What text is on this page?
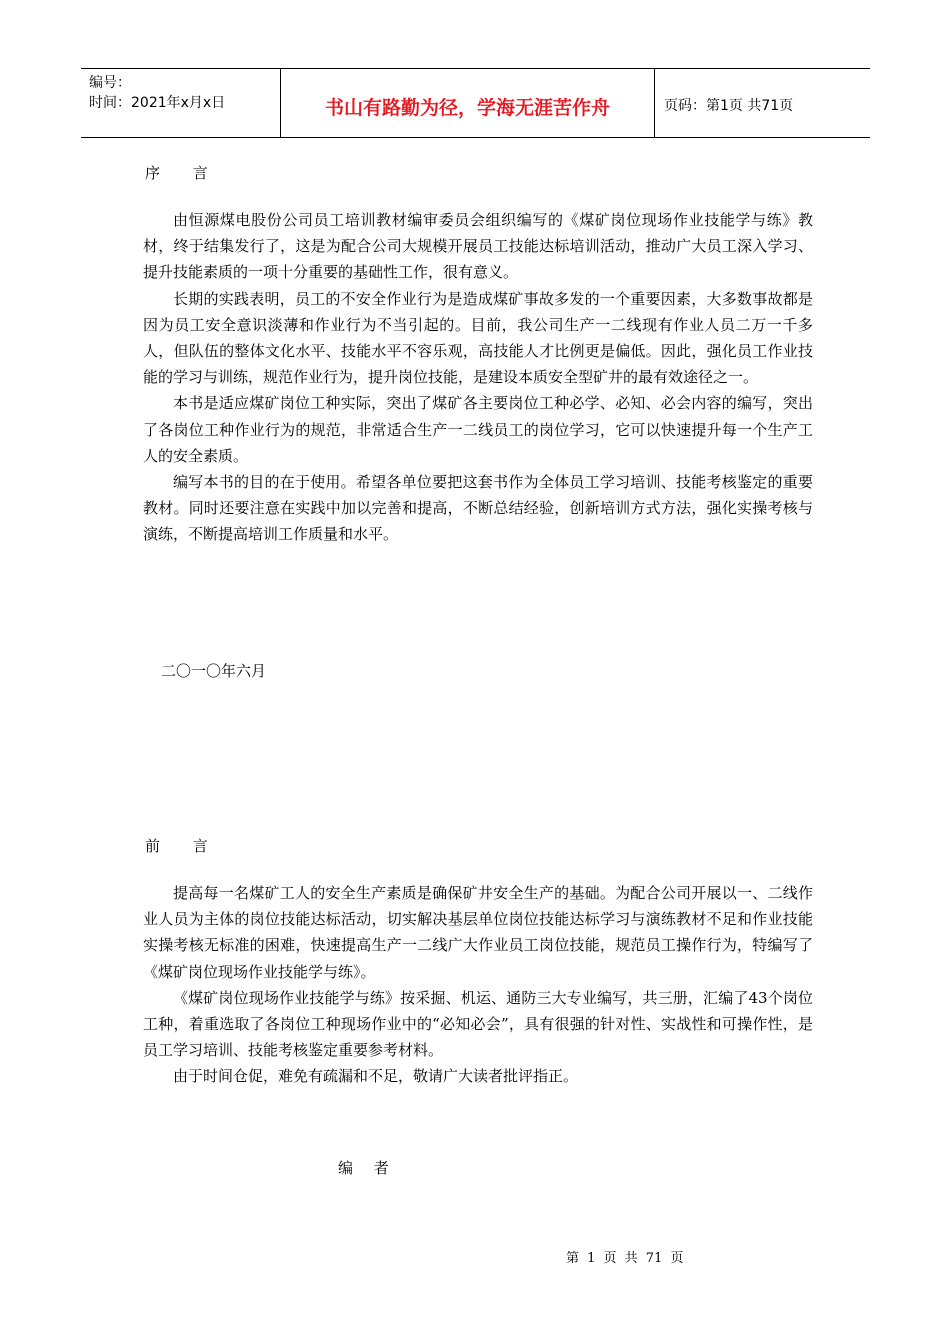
编号：
时间：2021年x月x日	书山有路勤为径，学海无涯苦作舟	页码：第1页 共71页
序 言

由恒源煤电股份公司员工培训教材编审委员会组织编写的《煤矿岗位现场作业技能学与练》教材，终于结集发行了，这是为配合公司大规模开展员工技能达标培训活动，推动广大员工深入学习、提升技能素质的一项十分重要的基础性工作，很有意义。

长期的实践表明，员工的不安全作业行为是造成煤矿事故多发的一个重要因素，大多数事故都是因为员工安全意识淡薄和作业行为不当引起的。目前，我公司生产一二线现有作业人员二万一千多人，但队伍的整体文化水平、技能水平不容乐观，高技能人才比例更是偏低。因此，强化员工作业技能的学习与训练，规范作业行为，提升岗位技能，是建设本质安全型矿井的最有效途径之一。

本书是适应煤矿岗位工种实际，突出了煤矿各主要岗位工种必学、必知、必会内容的编写，突出了各岗位工种作业行为的规范，非常适合生产一二线员工的岗位学习，它可以快速提升每一个生产工人的安全素质。

编写本书的目的在于使用。希望各单位要把这套书作为全体员工学习培训、技能考核鉴定的重要教材。同时还要注意在实践中加以完善和提高，不断总结经验，创新培训方式方法，强化实操考核与演练，不断提高培训工作质量和水平。

二〇一〇年六月
前 言

提高每一名煤矿工人的安全生产素质是确保矿井安全生产的基础。为配合公司开展以一、二线作业人员为主体的岗位技能达标活动，切实解决基层单位岗位技能达标学习与演练教材不足和作业技能实操考核无标准的困难，快速提高生产一二线广大作业员工岗位技能，规范员工操作行为，特编写了《煤矿岗位现场作业技能学与练》。

《煤矿岗位现场作业技能学与练》按采掘、机运、通防三大专业编写，共三册，汇编了43个岗位工种，着重选取了各岗位工种现场作业中的“必知必会”，具有很强的针对性、实战性和可操作性，是员工学习培训、技能考核鉴定重要参考材料。

由于时间仓促，难免有疏漏和不足，敬请广大读者批评指正。

编 者
第 1 页 共 71 页
